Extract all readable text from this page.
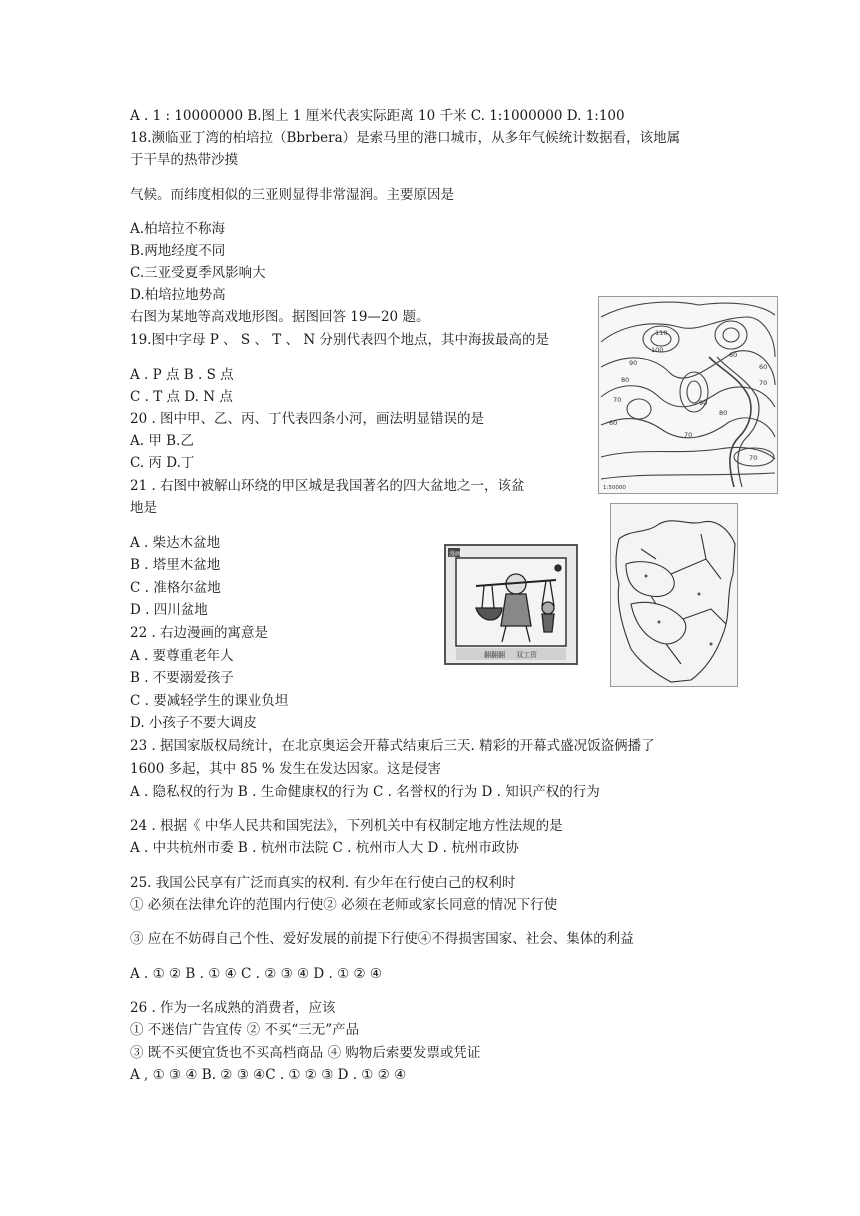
A . 1 : 10000000 B.图上 1 厘米代表实际距离 10 千米 C. 1:1000000 D. 1:100
18.濒临亚丁湾的柏培拉（Bbrbera）是索马里的港口城市，从多年气候统计数据看，该地属
于干旱的热带沙摸
气候。而纬度相似的三亚则显得非常湿润。主要原因是
A.柏培拉不称海
B.两地经度不同
C.三亚受夏季风影响大
D.柏培拉地势高
右图为某地等高戏地形图。据图回答 19—20 题。
19.图中字母 P 、 S 、 T 、 N 分别代表四个地点，其中海拔最高的是
A . P 点 B . S 点
C . T 点 D. N 点
20 . 图中甲、乙、丙、丁代表四条小河，画法明显错误的是
A. 甲 B.乙
C. 丙 D.丁
21 . 右图中被解山环绕的甲区城是我国著名的四大盆地之一，该盆
地是
A . 柴达木盆地
B . 塔里木盆地
C . 准格尔盆地
D . 四川盆地
22 . 右边漫画的寓意是
A . 要尊重老年人
B . 不要溺爱孩子
C . 要减轻学生的课业负坦
D. 小孩子不要大调皮
23 . 据国家版权局统计，在北京奥运会开幕式结東后三天. 精彩的开幕式盛况饭盗俩播了
1600 多起，其中 85 % 发生在发达因家。这是侵害
A . 隐私权的行为 B . 生命健康权的行为 C . 名誉权的行为 D . 知识产权的行为
24 . 根据《 中华人民共和国宪法》，下列机关中有权制定地方性法规的是
A . 中共杭州市委 B . 杭州市法院 C . 杭州市人大 D . 杭州市政协
25. 我国公民享有广泛而真实的权利. 有少年在行使白己的权利时
① 必须在法律允许的范围内行使② 必须在老师或家长同意的情况下行使
③ 应在不妨碍自己个性、爱好发展的前提下行使④不得损害国家、社会、集体的利益
A . ① ② B . ① ④ C . ② ③ ④ D . ① ② ④
26 . 作为一名成熟的消费者，应该
① 不迷信广告宜传 ② 不买“三无”产品
③ 既不买便宜货也不买高档商品 ④ 购物后索要发票或凭证
A , ① ③ ④ B. ② ③ ④C . ① ② ③ D . ① ② ④
110
100
90
80
70
60
60
60
70
90
80
70
70
1:50000
漫画
翻翻翻 双工资
